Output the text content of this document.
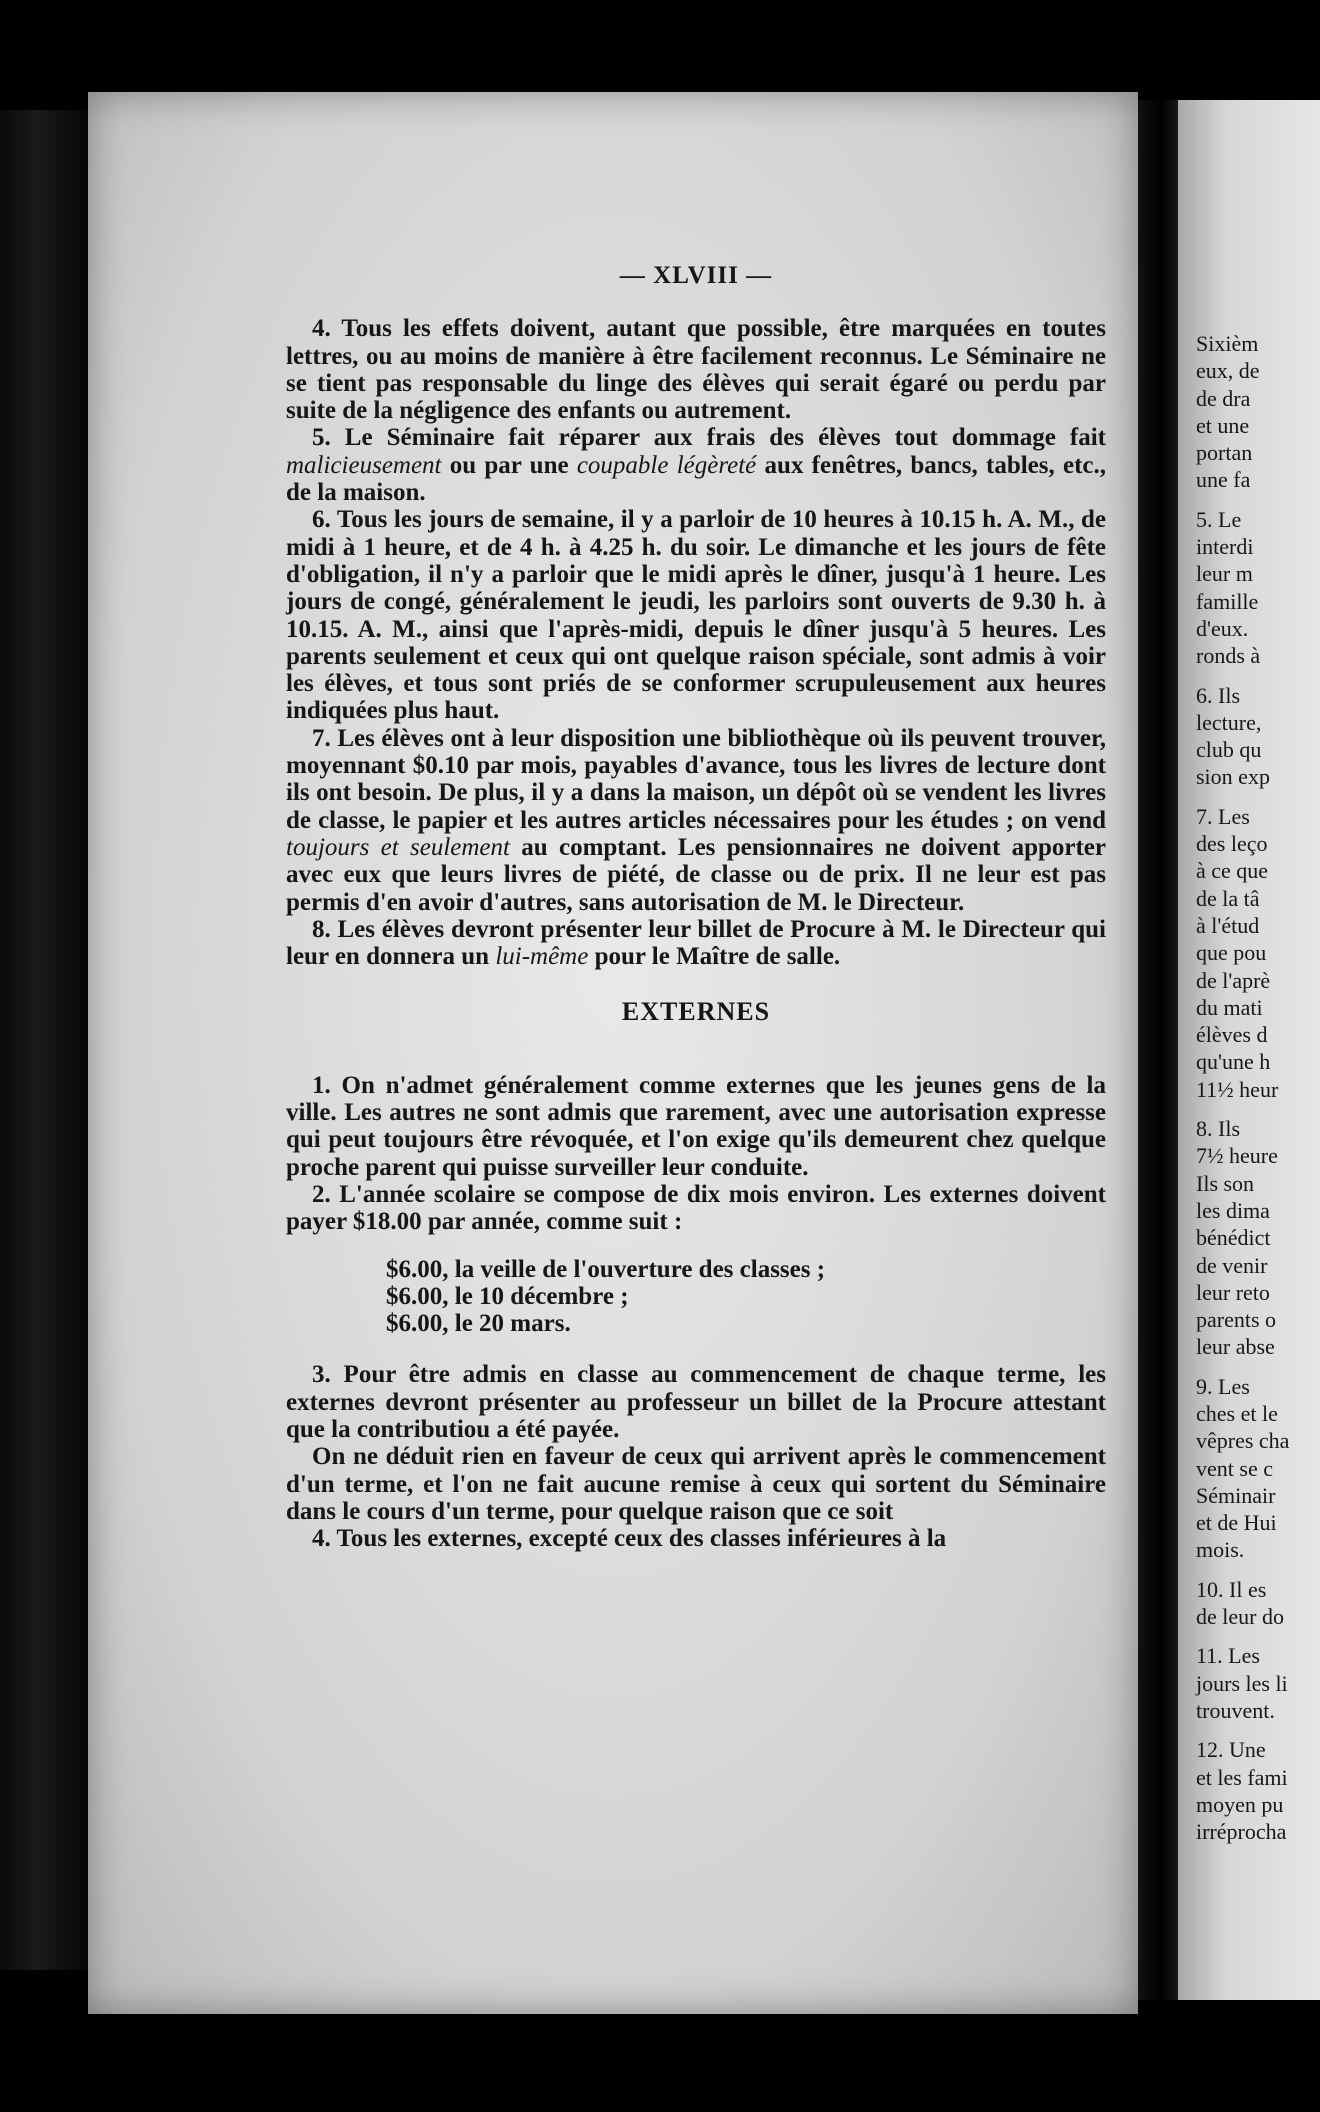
Sixièm
eux, de
de dra
et une
portan
une fa
5. Le
interdi
leur m
famille
d'eux.
ronds à
6. Ils
lecture,
club qu
sion exp
7. Les
des leço
à ce que
de la tâ
à l'étud
que pou
de l'aprè
du mati
élèves d
qu'une h
11½ heur
8. Ils
7½ heure
Ils son
les dima
bénédict
de venir
leur reto
parents o
leur abse
9. Les
ches et le
vêpres cha
vent se c
Séminair
et de Hui
mois.
10. Il es
de leur do
11. Les
jours les li
trouvent.
12. Une
et les fami
moyen pu
irréprocha
— XLVIII —

4. Tous les effets doivent, autant que possible, être marquées en toutes lettres, ou au moins de manière à être facilement reconnus. Le Séminaire ne se tient pas responsable du linge des élèves qui serait égaré ou perdu par suite de la négligence des enfants ou autrement.

5. Le Séminaire fait réparer aux frais des élèves tout dommage fait malicieusement ou par une coupable légèreté aux fenêtres, bancs, tables, etc., de la maison.

6. Tous les jours de semaine, il y a parloir de 10 heures à 10.15 h. A. M., de midi à 1 heure, et de 4 h. à 4.25 h. du soir. Le dimanche et les jours de fête d'obligation, il n'y a parloir que le midi après le dîner, jusqu'à 1 heure. Les jours de congé, généralement le jeudi, les parloirs sont ouverts de 9.30 h. à 10.15. A. M., ainsi que l'après-midi, depuis le dîner jusqu'à 5 heures. Les parents seulement et ceux qui ont quelque raison spéciale, sont admis à voir les élèves, et tous sont priés de se conformer scrupuleusement aux heures indiquées plus haut.

7. Les élèves ont à leur disposition une bibliothèque où ils peuvent trouver, moyennant $0.10 par mois, payables d'avance, tous les livres de lecture dont ils ont besoin. De plus, il y a dans la maison, un dépôt où se vendent les livres de classe, le papier et les autres articles nécessaires pour les études ; on vend toujours et seulement au comptant. Les pensionnaires ne doivent apporter avec eux que leurs livres de piété, de classe ou de prix. Il ne leur est pas permis d'en avoir d'autres, sans autorisation de M. le Directeur.

8. Les élèves devront présenter leur billet de Procure à M. le Directeur qui leur en donnera un lui-même pour le Maître de salle.

EXTERNES

1. On n'admet généralement comme externes que les jeunes gens de la ville. Les autres ne sont admis que rarement, avec une autorisation expresse qui peut toujours être révoquée, et l'on exige qu'ils demeurent chez quelque proche parent qui puisse surveiller leur conduite.

2. L'année scolaire se compose de dix mois environ. Les externes doivent payer $18.00 par année, comme suit :

$6.00, la veille de l'ouverture des classes ;
$6.00, le 10 décembre ;
$6.00, le 20 mars.

3. Pour être admis en classe au commencement de chaque terme, les externes devront présenter au professeur un billet de la Procure attestant que la contributiou a été payée.

On ne déduit rien en faveur de ceux qui arrivent après le commencement d'un terme, et l'on ne fait aucune remise à ceux qui sortent du Séminaire dans le cours d'un terme, pour quelque raison que ce soit

4. Tous les externes, excepté ceux des classes inférieures à la
